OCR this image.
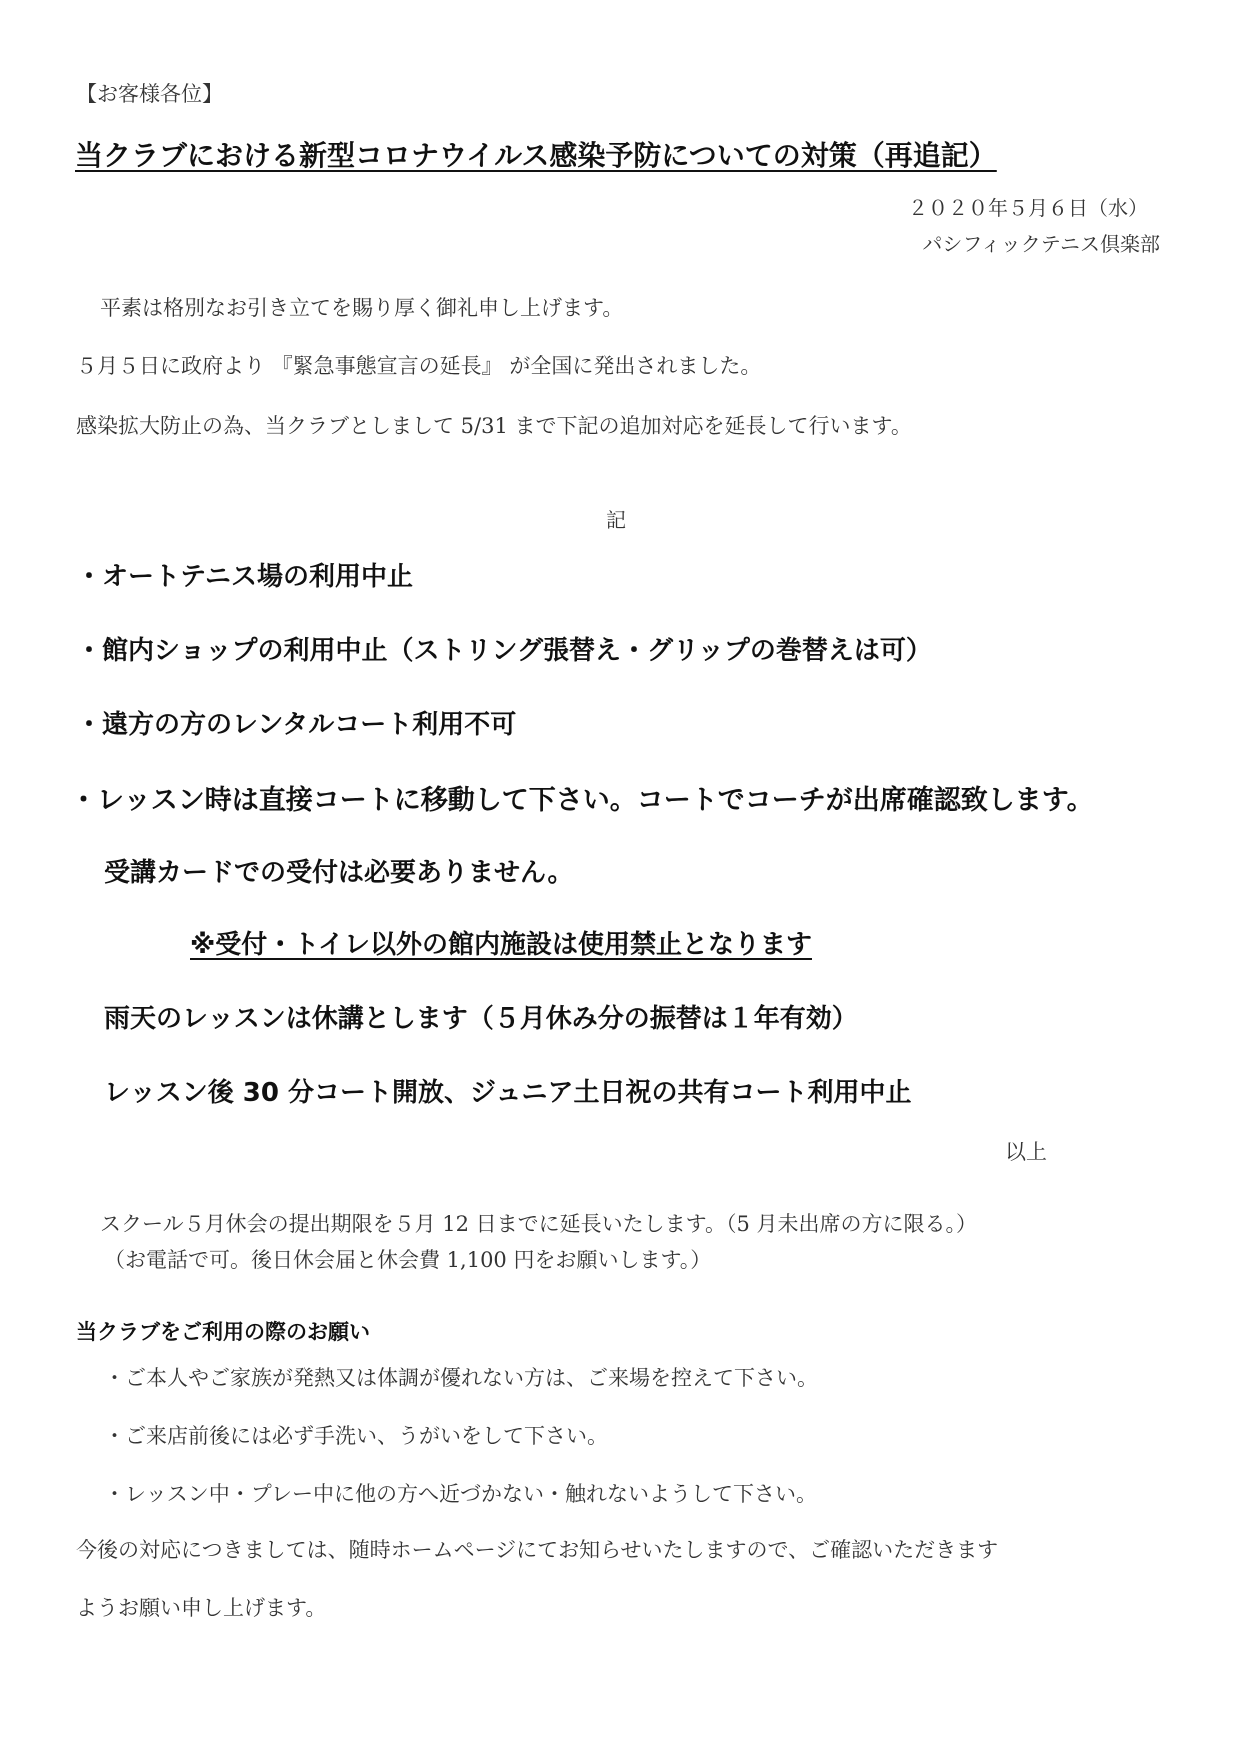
【お客様各位】
当クラブにおける新型コロナウイルス感染予防についての対策（再追記）
２０２０年５月６日（水）
パシフィックテニス倶楽部
平素は格別なお引き立てを賜り厚く御礼申し上げます。
５月５日に政府より 『緊急事態宣言の延長』 が全国に発出されました。
感染拡大防止の為、当クラブとしまして 5/31 まで下記の追加対応を延長して行います。
記
・オートテニス場の利用中止
・館内ショップの利用中止（ストリング張替え・グリップの巻替えは可）
・遠方の方のレンタルコート利用不可
・レッスン時は直接コートに移動して下さい。コートでコーチが出席確認致します。
受講カードでの受付は必要ありません。
※受付・トイレ以外の館内施設は使用禁止となります
雨天のレッスンは休講とします（５月休み分の振替は１年有効）
レッスン後 30 分コート開放、ジュニア土日祝の共有コート利用中止
以上
スクール５月休会の提出期限を５月 12 日までに延長いたします。（5 月未出席の方に限る。）
（お電話で可。後日休会届と休会費 1,100 円をお願いします。）
当クラブをご利用の際のお願い
・ご本人やご家族が発熱又は体調が優れない方は、ご来場を控えて下さい。
・ご来店前後には必ず手洗い、うがいをして下さい。
・レッスン中・プレー中に他の方へ近づかない・触れないようして下さい。
今後の対応につきましては、随時ホームページにてお知らせいたしますので、ご確認いただきます
ようお願い申し上げます。
